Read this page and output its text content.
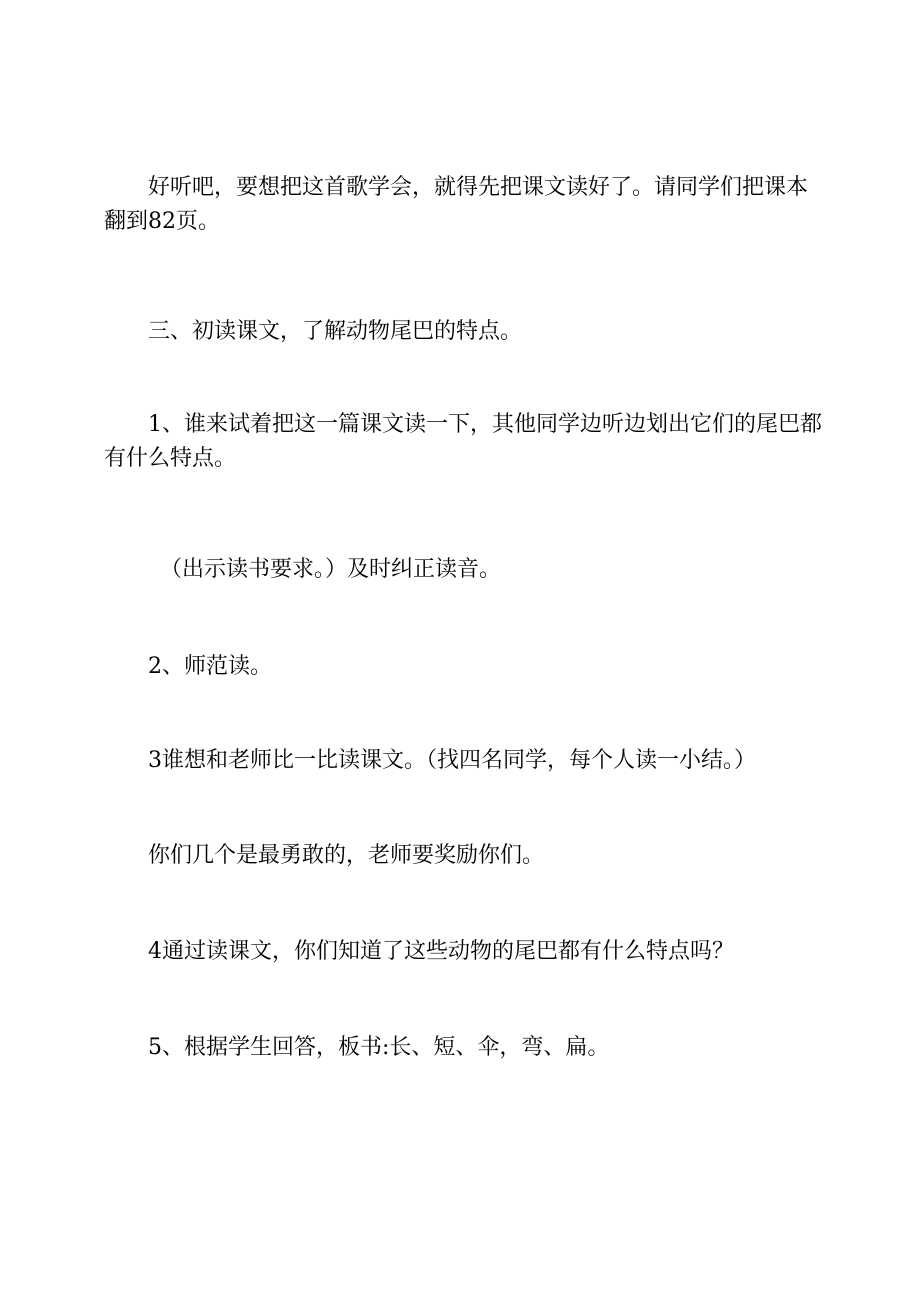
好听吧，要想把这首歌学会，就得先把课文读好了。请同学们把课本
翻到82页。

三、初读课文，了解动物尾巴的特点。

1、谁来试着把这一篇课文读一下，其他同学边听边划出它们的尾巴都
有什么特点。

（出示读书要求。）及时纠正读音。

2、师范读。

3谁想和老师比一比读课文。（找四名同学，每个人读一小结。）

你们几个是最勇敢的，老师要奖励你们。

4通过读课文，你们知道了这些动物的尾巴都有什么特点吗？

5、根据学生回答，板书:长、短、伞，弯、扁。
